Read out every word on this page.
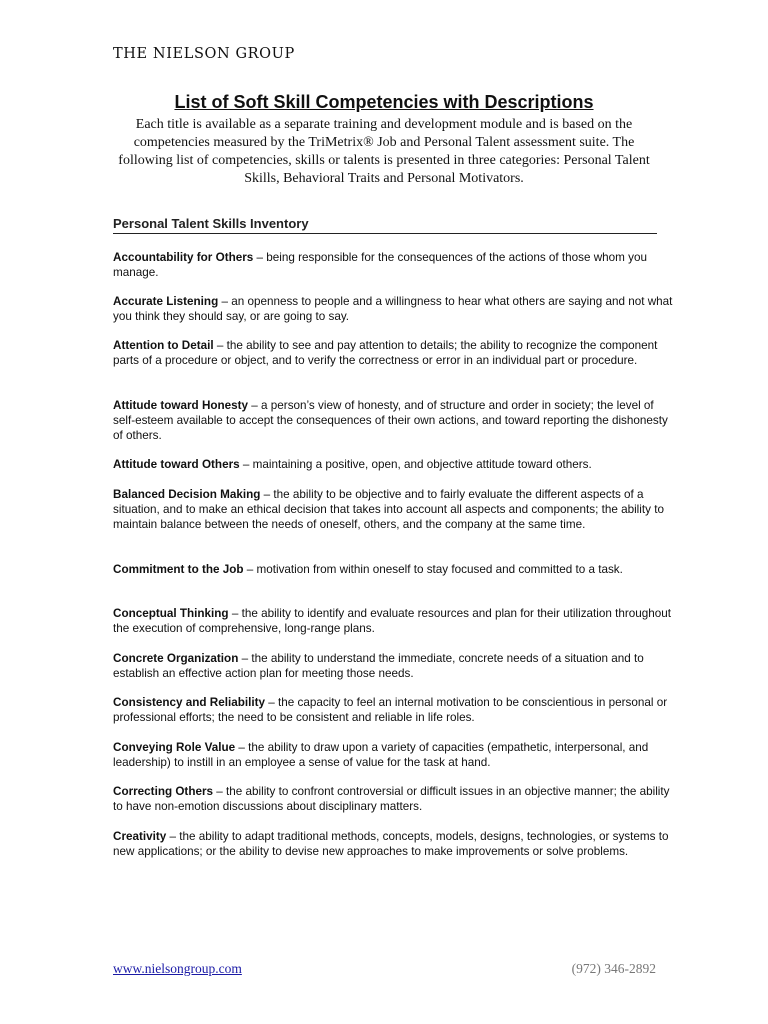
THE NIELSON GROUP
List of Soft Skill Competencies with Descriptions

Each title is available as a separate training and development module and is based on the competencies measured by the TriMetrix® Job and Personal Talent assessment suite. The following list of competencies, skills or talents is presented in three categories: Personal Talent Skills, Behavioral Traits and Personal Motivators.

Personal Talent Skills Inventory

Accountability for Others – being responsible for the consequences of the actions of those whom you manage.

Accurate Listening – an openness to people and a willingness to hear what others are saying and not what you think they should say, or are going to say.

Attention to Detail – the ability to see and pay attention to details; the ability to recognize the component parts of a procedure or object, and to verify the correctness or error in an individual part or procedure.

Attitude toward Honesty – a person’s view of honesty, and of structure and order in society; the level of self-esteem available to accept the consequences of their own actions, and toward reporting the dishonesty of others.

Attitude toward Others – maintaining a positive, open, and objective attitude toward others.

Balanced Decision Making – the ability to be objective and to fairly evaluate the different aspects of a situation, and to make an ethical decision that takes into account all aspects and components; the ability to maintain balance between the needs of oneself, others, and the company at the same time.

Commitment to the Job – motivation from within oneself to stay focused and committed to a task.

Conceptual Thinking – the ability to identify and evaluate resources and plan for their utilization throughout the execution of comprehensive, long-range plans.

Concrete Organization – the ability to understand the immediate, concrete needs of a situation and to establish an effective action plan for meeting those needs.

Consistency and Reliability – the capacity to feel an internal motivation to be conscientious in personal or professional efforts; the need to be consistent and reliable in life roles.

Conveying Role Value – the ability to draw upon a variety of capacities (empathetic, interpersonal, and leadership) to instill in an employee a sense of value for the task at hand.

Correcting Others – the ability to confront controversial or difficult issues in an objective manner; the ability to have non-emotion discussions about disciplinary matters.

Creativity – the ability to adapt traditional methods, concepts, models, designs, technologies, or systems to new applications; or the ability to devise new approaches to make improvements or solve problems.

www.nielsongroup.com	(972) 346-2892
